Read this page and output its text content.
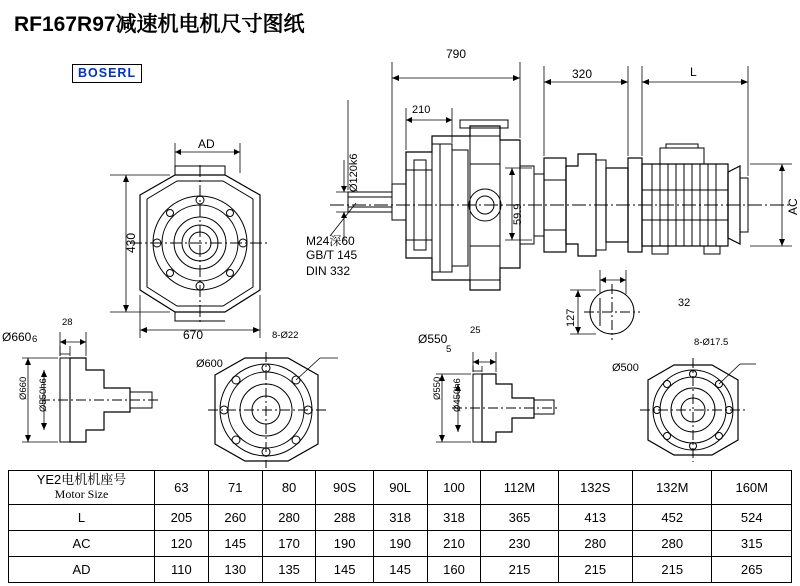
RF167R97减速机电机尺寸图纸
BOSERL
790
320	L
210
Ø120k6
59.9	AC
AD
430
670
Ø660	Ø550
32
127
28
6
Ø660 Ø550h6
Ø600
8-Ø22	25
5
Ø550 Ø450h6
Ø500
8-Ø17.5
M24深60
GB/T 145
DIN 332
YE2电机机座号
Motor Size	63	71	80	90S	90L	100	112M	132S	132M	160M
L	205	260	280	288	318	318	365	413	452	524
AC	120	145	170	190	190	210	230	280	280	315
AD	110	130	135	145	145	160	215	215	215	265
